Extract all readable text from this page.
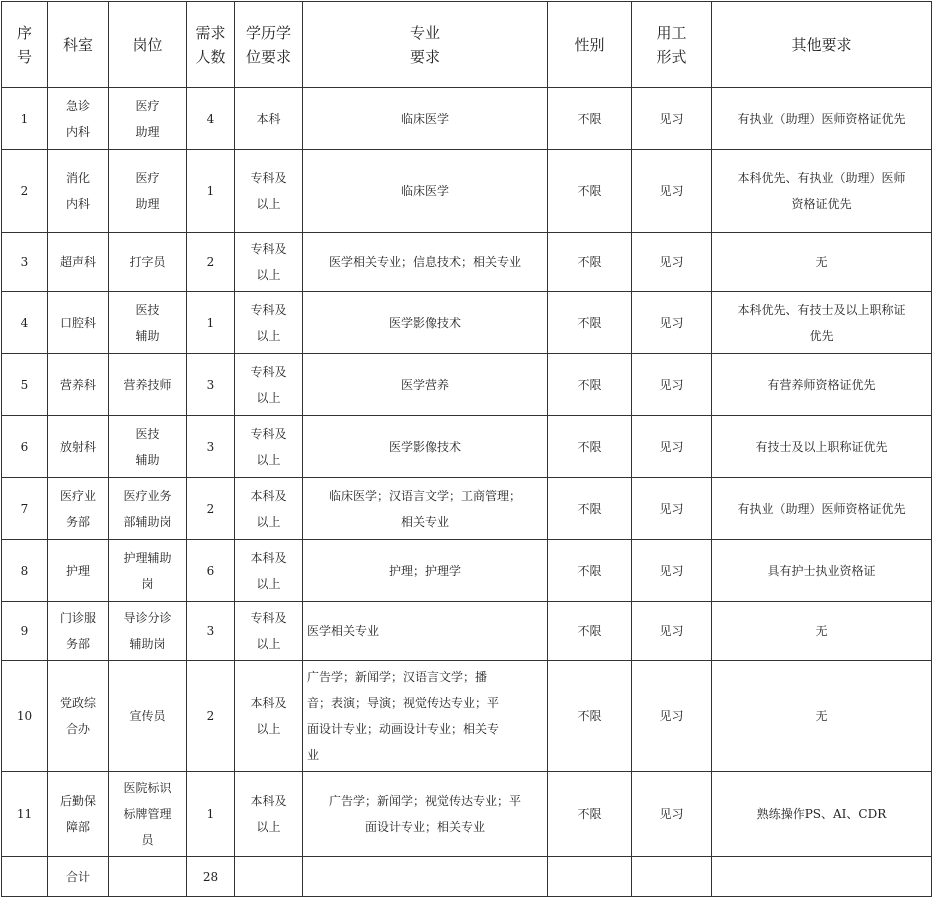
序
号	科室	岗位	需求
人数	学历学
位要求	专业
要求	性别	用工
形式	其他要求
1	急诊
内科	医疗
助理	4	本科	临床医学	不限	见习	有执业（助理）医师资格证优先
2	消化
内科	医疗
助理	1	专科及
以上	临床医学	不限	见习	本科优先、有执业（助理）医师
资格证优先
3	超声科	打字员	2	专科及
以上	医学相关专业；信息技术；相关专业	不限	见习	无
4	口腔科	医技
辅助	1	专科及
以上	医学影像技术	不限	见习	本科优先、有技士及以上职称证
优先
5	营养科	营养技师	3	专科及
以上	医学营养	不限	见习	有营养师资格证优先
6	放射科	医技
辅助	3	专科及
以上	医学影像技术	不限	见习	有技士及以上职称证优先
7	医疗业
务部	医疗业务
部辅助岗	2	本科及
以上	临床医学；汉语言文学；工商管理；
相关专业	不限	见习	有执业（助理）医师资格证优先
8	护理	护理辅助
岗	6	本科及
以上	护理；护理学	不限	见习	具有护士执业资格证
9	门诊服
务部	导诊分诊
辅助岗	3	专科及
以上	医学相关专业	不限	见习	无
10	党政综
合办	宣传员	2	本科及
以上	广告学；新闻学；汉语言文学；播
音；表演；导演；视觉传达专业；平
面设计专业；动画设计专业；相关专
业	不限	见习	无
11	后勤保
障部	医院标识
标牌管理
员	1	本科及
以上	广告学；新闻学；视觉传达专业；平
面设计专业；相关专业	不限	见习	熟练操作PS、AI、CDR
	合计		28					
